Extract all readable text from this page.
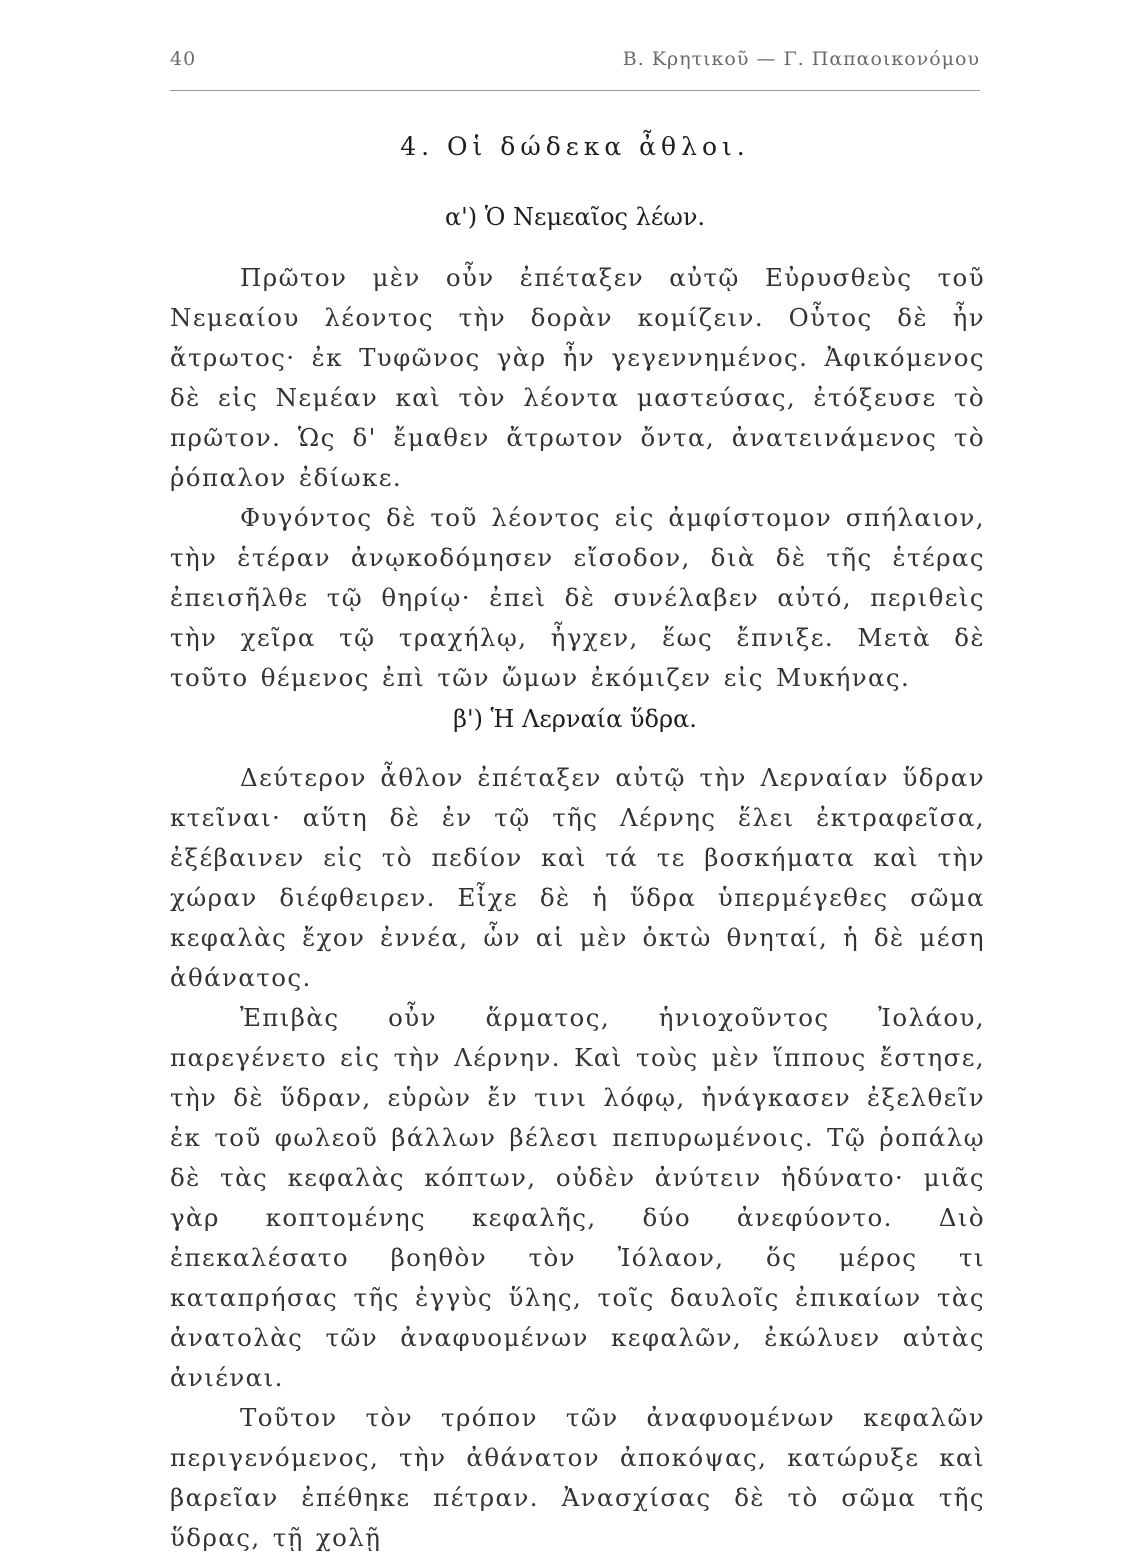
40	Β. Κρητικοῦ — Γ. Παπαοικονόμου
4. Οἱ δώδεκα ἆθλοι.
α') Ὁ Νεμεαῖος λέων.

Πρῶτον μὲν οὖν ἐπέταξεν αὐτῷ Εὐρυσθεὺς τοῦ Νεμεαίου λέοντος τὴν δορὰν κομίζειν. Οὗτος δὲ ἦν ἄτρωτος· ἐκ Τυφῶνος γὰρ ἦν γεγεννημένος. Ἀφικόμενος δὲ εἰς Νεμέαν καὶ τὸν λέοντα μαστεύσας, ἐτόξευσε τὸ πρῶτον. Ὡς δ' ἔμαθεν ἄτρωτον ὄντα, ἀνατεινάμενος τὸ ῥόπαλον ἐδίωκε.

Φυγόντος δὲ τοῦ λέοντος εἰς ἀμφίστομον σπήλαιον, τὴν ἑτέραν ἀνῳκοδόμησεν εἴσοδον, διὰ δὲ τῆς ἑτέρας ἐπεισῆλθε τῷ θηρίῳ· ἐπεὶ δὲ συνέλαβεν αὐτό, περιθεὶς τὴν χεῖρα τῷ τραχήλῳ, ἦγχεν, ἕως ἔπνιξε. Μετὰ δὲ τοῦτο θέμενος ἐπὶ τῶν ὤμων ἐκόμιζεν εἰς Μυκήνας.

β') Ἡ Λερναία ὕδρα.

Δεύτερον ἆθλον ἐπέταξεν αὐτῷ τὴν Λερναίαν ὕδραν κτεῖναι· αὕτη δὲ ἐν τῷ τῆς Λέρνης ἕλει ἐκτραφεῖσα, ἐξέβαινεν εἰς τὸ πεδίον καὶ τά τε βοσκήματα καὶ τὴν χώραν διέφθειρεν. Εἶχε δὲ ἡ ὕδρα ὑπερμέγεθες σῶμα κεφαλὰς ἔχον ἐννέα, ὧν αἱ μὲν ὀκτὼ θνηταί, ἡ δὲ μέση ἀθάνατος.

Ἐπιβὰς οὖν ἅρματος, ἡνιοχοῦντος Ἰολάου, παρεγένετο εἰς τὴν Λέρνην. Καὶ τοὺς μὲν ἵππους ἔστησε, τὴν δὲ ὕδραν, εὑρὼν ἔν τινι λόφῳ, ἠνάγκασεν ἐξελθεῖν ἐκ τοῦ φωλεοῦ βάλλων βέλεσι πεπυρωμένοις. Τῷ ῥοπάλῳ δὲ τὰς κεφαλὰς κόπτων, οὐδὲν ἀνύτειν ἠδύνατο· μιᾶς γὰρ κοπτομένης κεφαλῆς, δύο ἀνεφύοντο. Διὸ ἐπεκαλέσατο βοηθὸν τὸν Ἰόλαον, ὅς μέρος τι καταπρήσας τῆς ἐγγὺς ὕλης, τοῖς δαυλοῖς ἐπικαίων τὰς ἀνατολὰς τῶν ἀναφυομένων κεφαλῶν, ἐκώλυεν αὐτὰς ἀνιέναι.

Τοῦτον τὸν τρόπον τῶν ἀναφυομένων κεφαλῶν περιγενόμενος, τὴν ἀθάνατον ἀποκόψας, κατώρυξε καὶ βαρεῖαν ἐπέθηκε πέτραν. Ἀνασχίσας δὲ τὸ σῶμα τῆς ὕδρας, τῇ χολῇ
